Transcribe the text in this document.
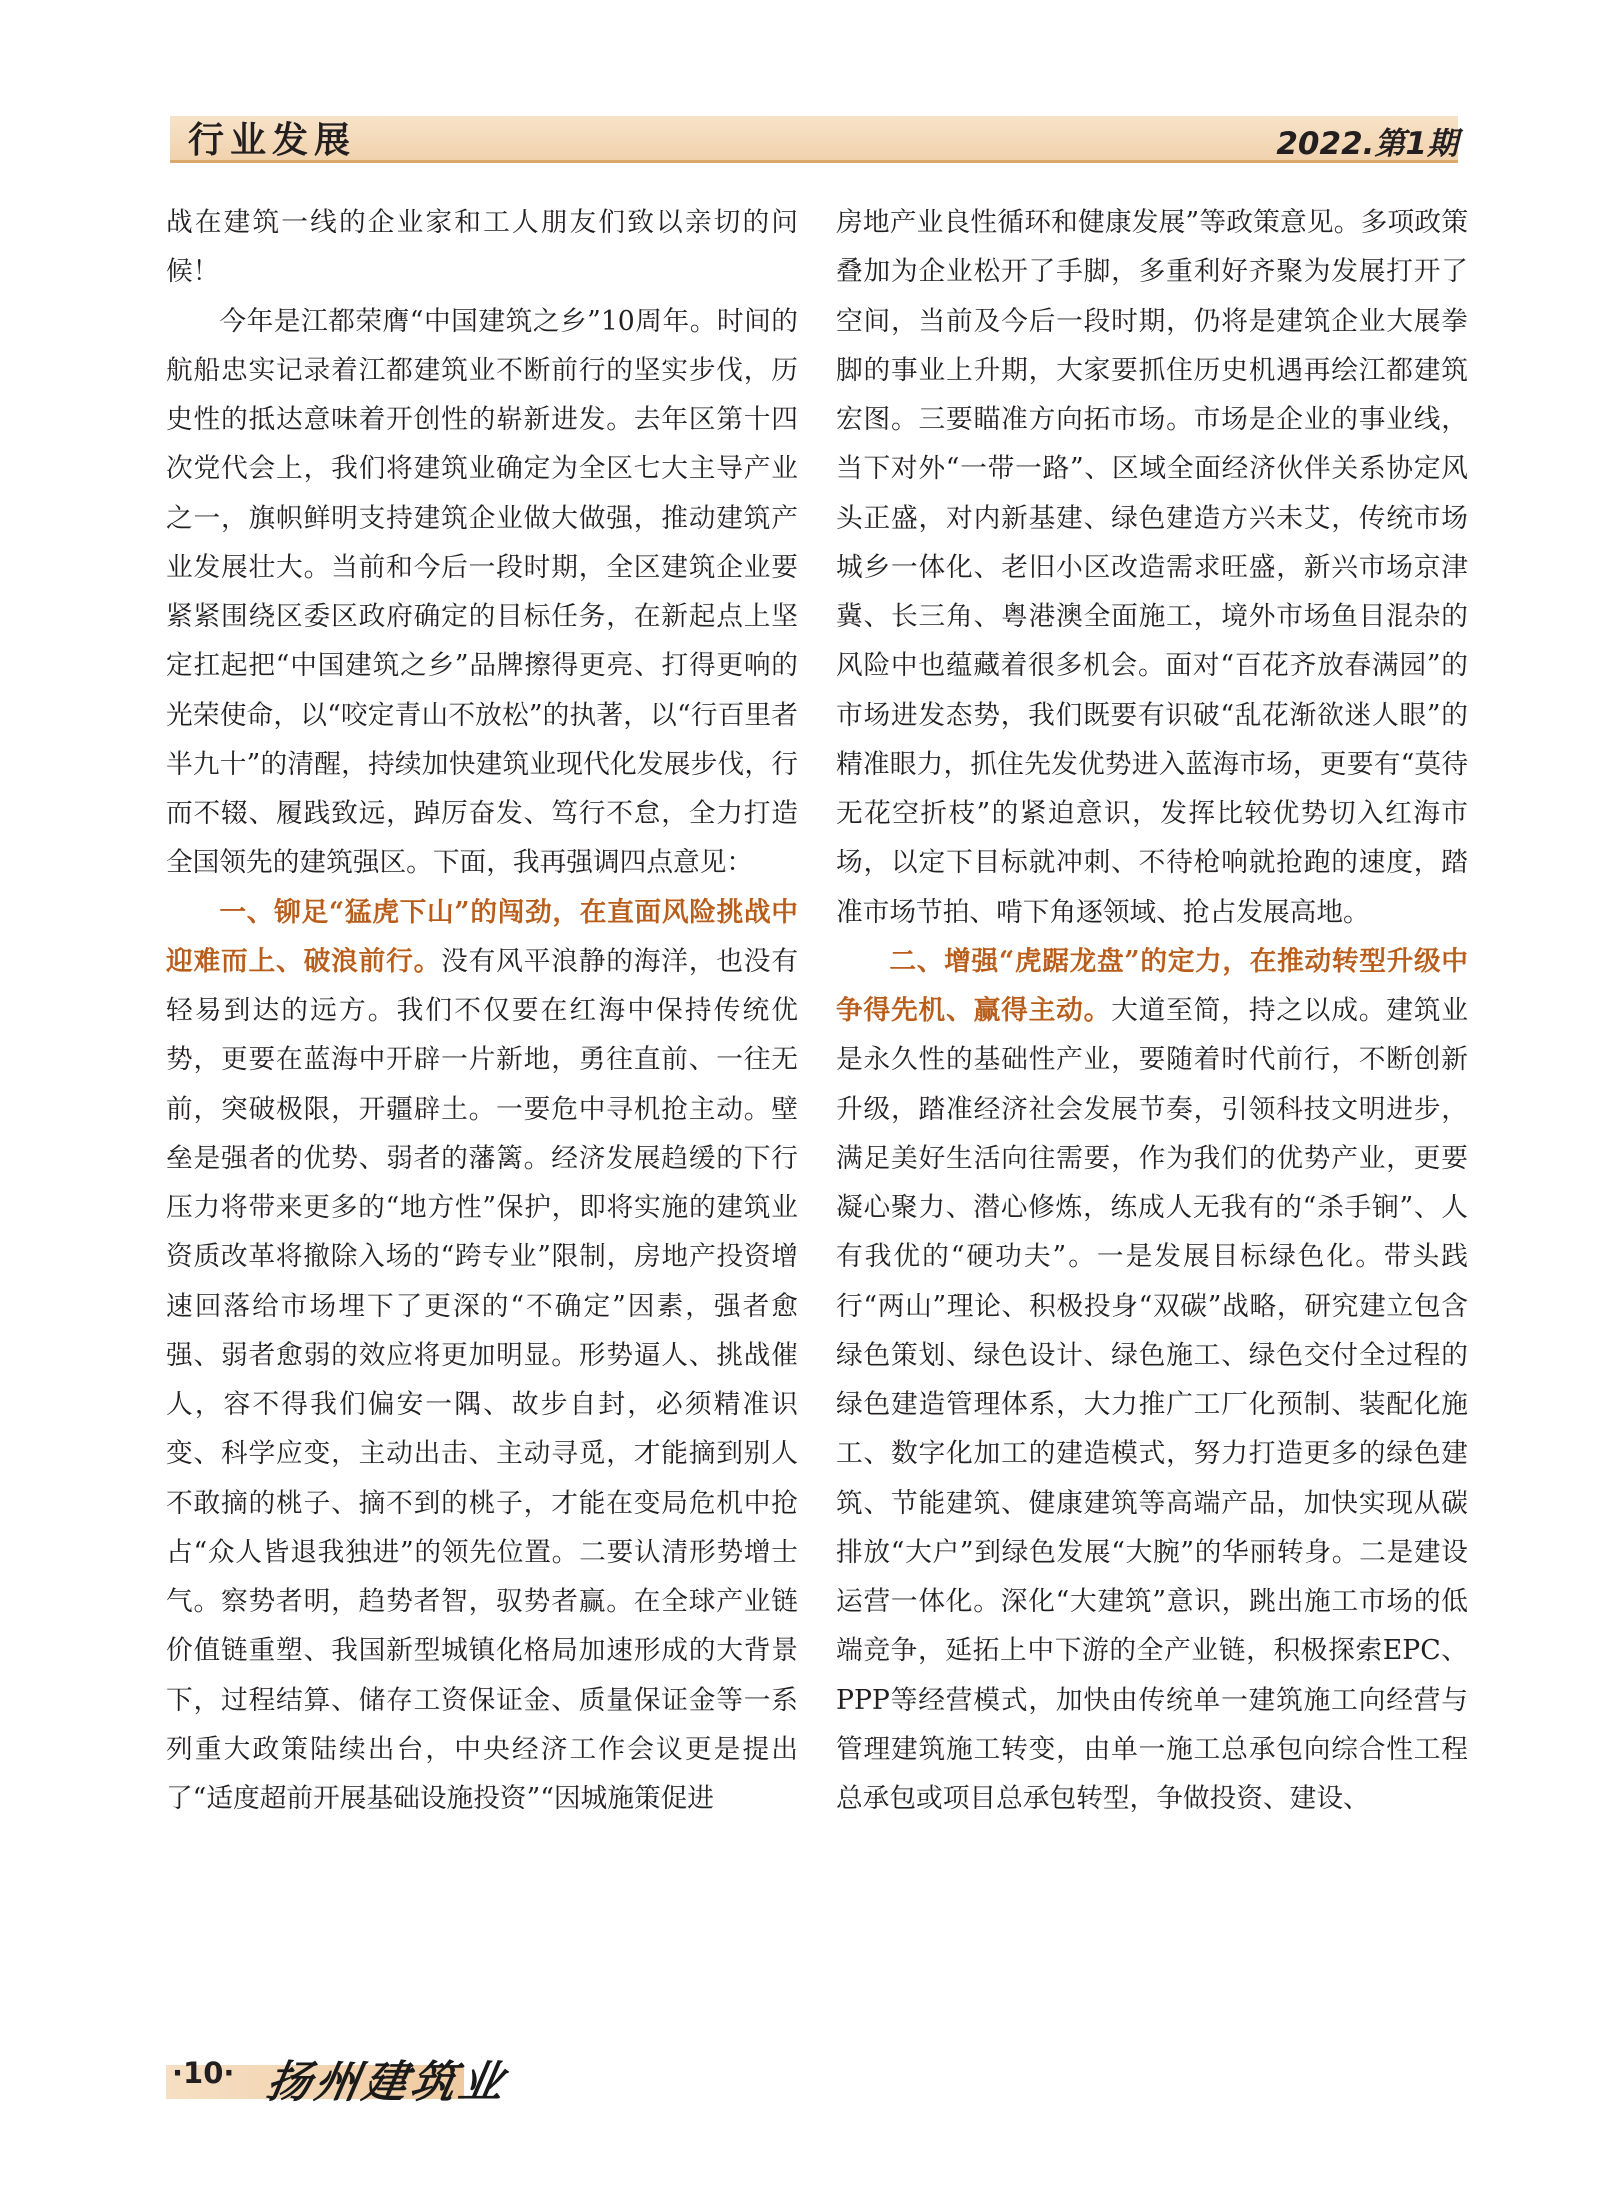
行业发展	2022.第1期

战在建筑一线的企业家和工人朋友们致以亲切的问候！

今年是江都荣膺“中国建筑之乡”10周年。时间的航船忠实记录着江都建筑业不断前行的坚实步伐，历史性的抵达意味着开创性的崭新进发。去年区第十四次党代会上，我们将建筑业确定为全区七大主导产业之一，旗帜鲜明支持建筑企业做大做强，推动建筑产业发展壮大。当前和今后一段时期，全区建筑企业要紧紧围绕区委区政府确定的目标任务，在新起点上坚定扛起把“中国建筑之乡”品牌擦得更亮、打得更响的光荣使命，以“咬定青山不放松”的执著，以“行百里者半九十”的清醒，持续加快建筑业现代化发展步伐，行而不辍、履践致远，踔厉奋发、笃行不怠，全力打造全国领先的建筑强区。下面，我再强调四点意见：

一、铆足“猛虎下山”的闯劲，在直面风险挑战中迎难而上、破浪前行。没有风平浪静的海洋，也没有轻易到达的远方。我们不仅要在红海中保持传统优势，更要在蓝海中开辟一片新地，勇往直前、一往无前，突破极限，开疆辟土。一要危中寻机抢主动。壁垒是强者的优势、弱者的藩篱。经济发展趋缓的下行压力将带来更多的“地方性”保护，即将实施的建筑业资质改革将撤除入场的“跨专业”限制，房地产投资增速回落给市场埋下了更深的“不确定”因素，强者愈强、弱者愈弱的效应将更加明显。形势逼人、挑战催人，容不得我们偏安一隅、故步自封，必须精准识变、科学应变，主动出击、主动寻觅，才能摘到别人不敢摘的桃子、摘不到的桃子，才能在变局危机中抢占“众人皆退我独进”的领先位置。二要认清形势增士气。察势者明，趋势者智，驭势者赢。在全球产业链价值链重塑、我国新型城镇化格局加速形成的大背景下，过程结算、储存工资保证金、质量保证金等一系列重大政策陆续出台，中央经济工作会议更是提出了“适度超前开展基础设施投资”“因城施策促进

房地产业良性循环和健康发展”等政策意见。多项政策叠加为企业松开了手脚，多重利好齐聚为发展打开了空间，当前及今后一段时期，仍将是建筑企业大展拳脚的事业上升期，大家要抓住历史机遇再绘江都建筑宏图。三要瞄准方向拓市场。市场是企业的事业线，当下对外“一带一路”、区域全面经济伙伴关系协定风头正盛，对内新基建、绿色建造方兴未艾，传统市场城乡一体化、老旧小区改造需求旺盛，新兴市场京津冀、长三角、粤港澳全面施工，境外市场鱼目混杂的风险中也蕴藏着很多机会。面对“百花齐放春满园”的市场进发态势，我们既要有识破“乱花渐欲迷人眼”的精准眼力，抓住先发优势进入蓝海市场，更要有“莫待无花空折枝”的紧迫意识，发挥比较优势切入红海市场，以定下目标就冲刺、不待枪响就抢跑的速度，踏准市场节拍、啃下角逐领域、抢占发展高地。

二、增强“虎踞龙盘”的定力，在推动转型升级中争得先机、赢得主动。大道至简，持之以成。建筑业是永久性的基础性产业，要随着时代前行，不断创新升级，踏准经济社会发展节奏，引领科技文明进步，满足美好生活向往需要，作为我们的优势产业，更要凝心聚力、潜心修炼，练成人无我有的“杀手锏”、人有我优的“硬功夫”。一是发展目标绿色化。带头践行“两山”理论、积极投身“双碳”战略，研究建立包含绿色策划、绿色设计、绿色施工、绿色交付全过程的绿色建造管理体系，大力推广工厂化预制、装配化施工、数字化加工的建造模式，努力打造更多的绿色建筑、节能建筑、健康建筑等高端产品，加快实现从碳排放“大户”到绿色发展“大腕”的华丽转身。二是建设运营一体化。深化“大建筑”意识，跳出施工市场的低端竞争，延拓上中下游的全产业链，积极探索EPC、PPP等经营模式，加快由传统单一建筑施工向经营与管理建筑施工转变，由单一施工总承包向综合性工程总承包或项目总承包转型，争做投资、建设、

·10· 扬州建筑业
